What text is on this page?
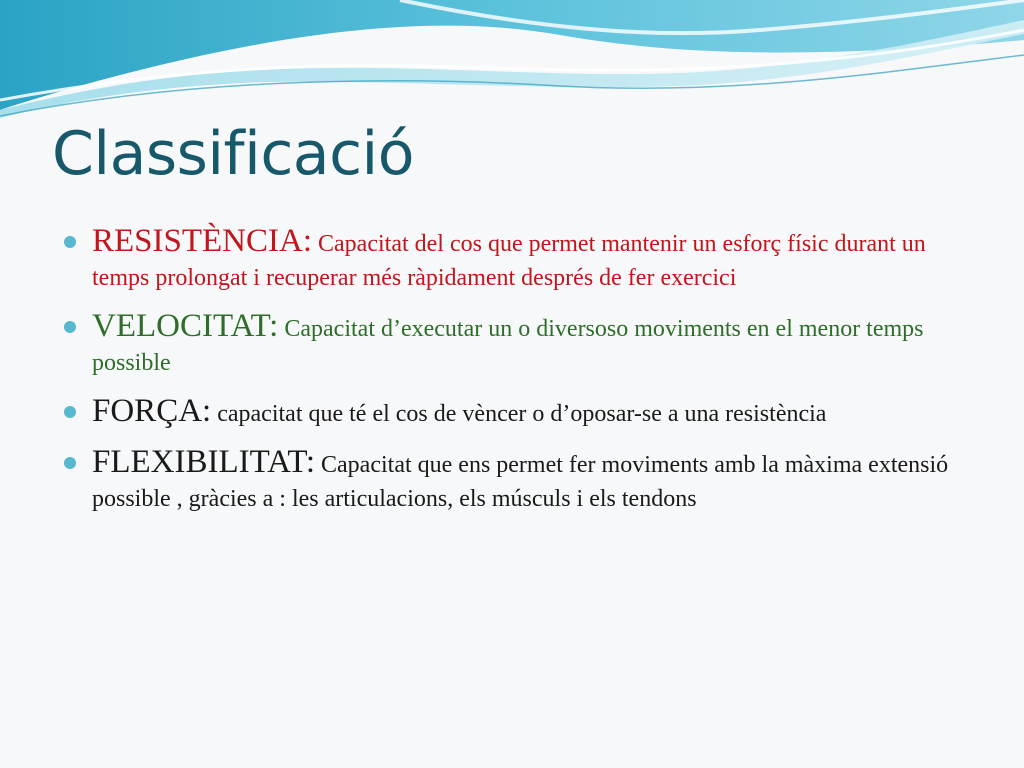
Classificació
RESISTÈNCIA: Capacitat del cos que permet mantenir un esforç físic durant un temps prolongat i recuperar més ràpidament després de fer exercici
VELOCITAT: Capacitat d’executar un o diversoso moviments en el menor temps possible
FORÇA: capacitat que té el cos de vèncer o d’oposar-se a una resistència
FLEXIBILITAT: Capacitat que ens permet fer moviments amb la màxima extensió possible , gràcies a : les articulacions, els músculs i els tendons
